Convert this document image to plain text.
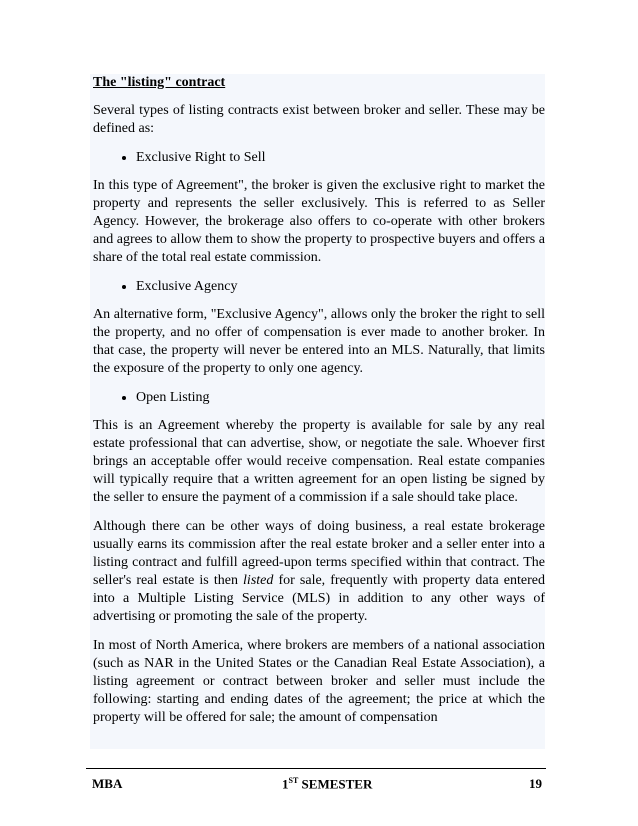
The "listing" contract

Several types of listing contracts exist between broker and seller. These may be defined as:

• Exclusive Right to Sell

In this type of Agreement", the broker is given the exclusive right to market the property and represents the seller exclusively. This is referred to as Seller Agency. However, the brokerage also offers to co-operate with other brokers and agrees to allow them to show the property to prospective buyers and offers a share of the total real estate commission.

• Exclusive Agency

An alternative form, "Exclusive Agency", allows only the broker the right to sell the property, and no offer of compensation is ever made to another broker. In that case, the property will never be entered into an MLS. Naturally, that limits the exposure of the property to only one agency.

• Open Listing

This is an Agreement whereby the property is available for sale by any real estate professional that can advertise, show, or negotiate the sale. Whoever first brings an acceptable offer would receive compensation. Real estate companies will typically require that a written agreement for an open listing be signed by the seller to ensure the payment of a commission if a sale should take place.

Although there can be other ways of doing business, a real estate brokerage usually earns its commission after the real estate broker and a seller enter into a listing contract and fulfill agreed-upon terms specified within that contract. The seller's real estate is then listed for sale, frequently with property data entered into a Multiple Listing Service (MLS) in addition to any other ways of advertising or promoting the sale of the property.

In most of North America, where brokers are members of a national association (such as NAR in the United States or the Canadian Real Estate Association), a listing agreement or contract between broker and seller must include the following: starting and ending dates of the agreement; the price at which the property will be offered for sale; the amount of compensation

MBA	1ST SEMESTER	19
